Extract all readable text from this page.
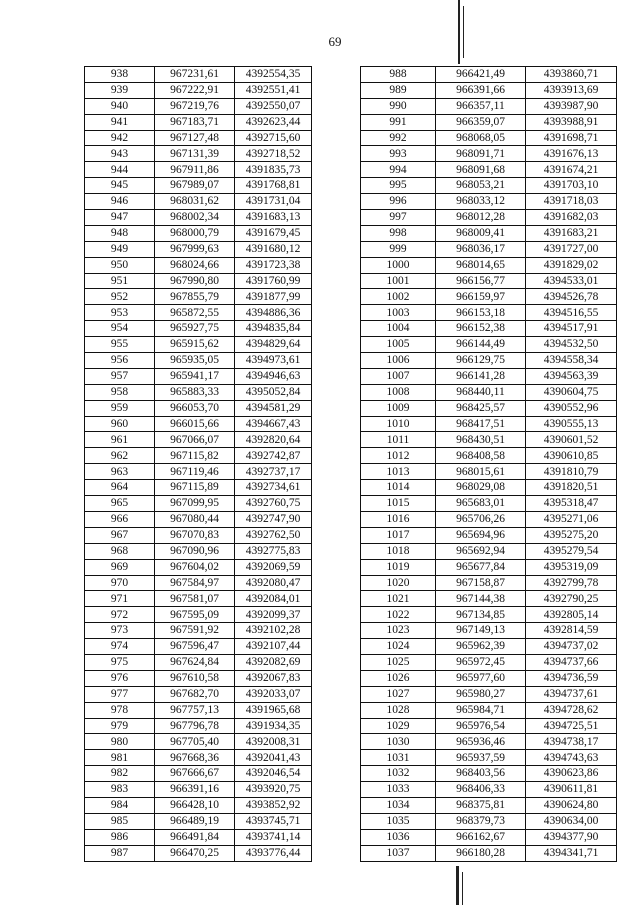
69
938	967231,61	4392554,35
939	967222,91	4392551,41
940	967219,76	4392550,07
941	967183,71	4392623,44
942	967127,48	4392715,60
943	967131,39	4392718,52
944	967911,86	4391835,73
945	967989,07	4391768,81
946	968031,62	4391731,04
947	968002,34	4391683,13
948	968000,79	4391679,45
949	967999,63	4391680,12
950	968024,66	4391723,38
951	967990,80	4391760,99
952	967855,79	4391877,99
953	965872,55	4394886,36
954	965927,75	4394835,84
955	965915,62	4394829,64
956	965935,05	4394973,61
957	965941,17	4394946,63
958	965883,33	4395052,84
959	966053,70	4394581,29
960	966015,66	4394667,43
961	967066,07	4392820,64
962	967115,82	4392742,87
963	967119,46	4392737,17
964	967115,89	4392734,61
965	967099,95	4392760,75
966	967080,44	4392747,90
967	967070,83	4392762,50
968	967090,96	4392775,83
969	967604,02	4392069,59
970	967584,97	4392080,47
971	967581,07	4392084,01
972	967595,09	4392099,37
973	967591,92	4392102,28
974	967596,47	4392107,44
975	967624,84	4392082,69
976	967610,58	4392067,83
977	967682,70	4392033,07
978	967757,13	4391965,68
979	967796,78	4391934,35
980	967705,40	4392008,31
981	967668,36	4392041,43
982	967666,67	4392046,54
983	966391,16	4393920,75
984	966428,10	4393852,92
985	966489,19	4393745,71
986	966491,84	4393741,14
987	966470,25	4393776,44
988	966421,49	4393860,71
989	966391,66	4393913,69
990	966357,11	4393987,90
991	966359,07	4393988,91
992	968068,05	4391698,71
993	968091,71	4391676,13
994	968091,68	4391674,21
995	968053,21	4391703,10
996	968033,12	4391718,03
997	968012,28	4391682,03
998	968009,41	4391683,21
999	968036,17	4391727,00
1000	968014,65	4391829,02
1001	966156,77	4394533,01
1002	966159,97	4394526,78
1003	966153,18	4394516,55
1004	966152,38	4394517,91
1005	966144,49	4394532,50
1006	966129,75	4394558,34
1007	966141,28	4394563,39
1008	968440,11	4390604,75
1009	968425,57	4390552,96
1010	968417,51	4390555,13
1011	968430,51	4390601,52
1012	968408,58	4390610,85
1013	968015,61	4391810,79
1014	968029,08	4391820,51
1015	965683,01	4395318,47
1016	965706,26	4395271,06
1017	965694,96	4395275,20
1018	965692,94	4395279,54
1019	965677,84	4395319,09
1020	967158,87	4392799,78
1021	967144,38	4392790,25
1022	967134,85	4392805,14
1023	967149,13	4392814,59
1024	965962,39	4394737,02
1025	965972,45	4394737,66
1026	965977,60	4394736,59
1027	965980,27	4394737,61
1028	965984,71	4394728,62
1029	965976,54	4394725,51
1030	965936,46	4394738,17
1031	965937,59	4394743,63
1032	968403,56	4390623,86
1033	968406,33	4390611,81
1034	968375,81	4390624,80
1035	968379,73	4390634,00
1036	966162,67	4394377,90
1037	966180,28	4394341,71
